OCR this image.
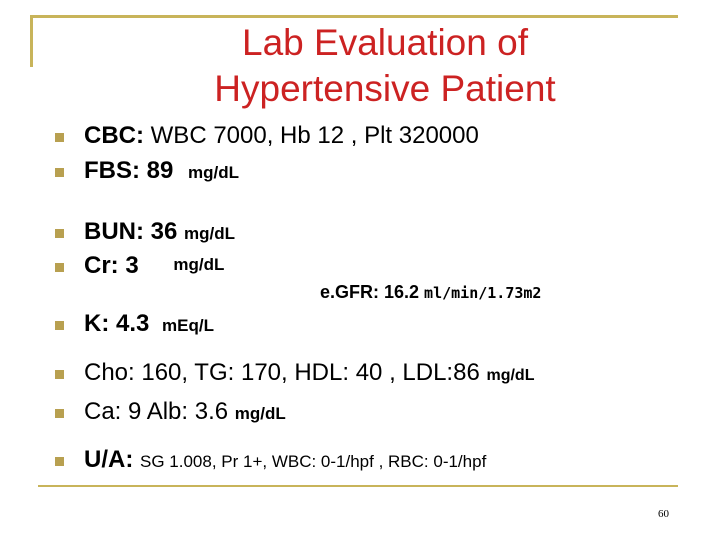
Lab Evaluation of
Hypertensive Patient
CBC: WBC 7000, Hb 12 , Plt 320000
FBS: 89 mg/dL
BUN: 36 mg/dL
Cr: 3 mg/dL
K: 4.3 mEq/L
Cho: 160, TG: 170, HDL: 40 , LDL:86 mg/dL
Ca: 9 Alb: 3.6 mg/dL
U/A: SG 1.008, Pr 1+, WBC: 0-1/hpf , RBC: 0-1/hpf
e.GFR: 16.2 ml/min/1.73m2
60
